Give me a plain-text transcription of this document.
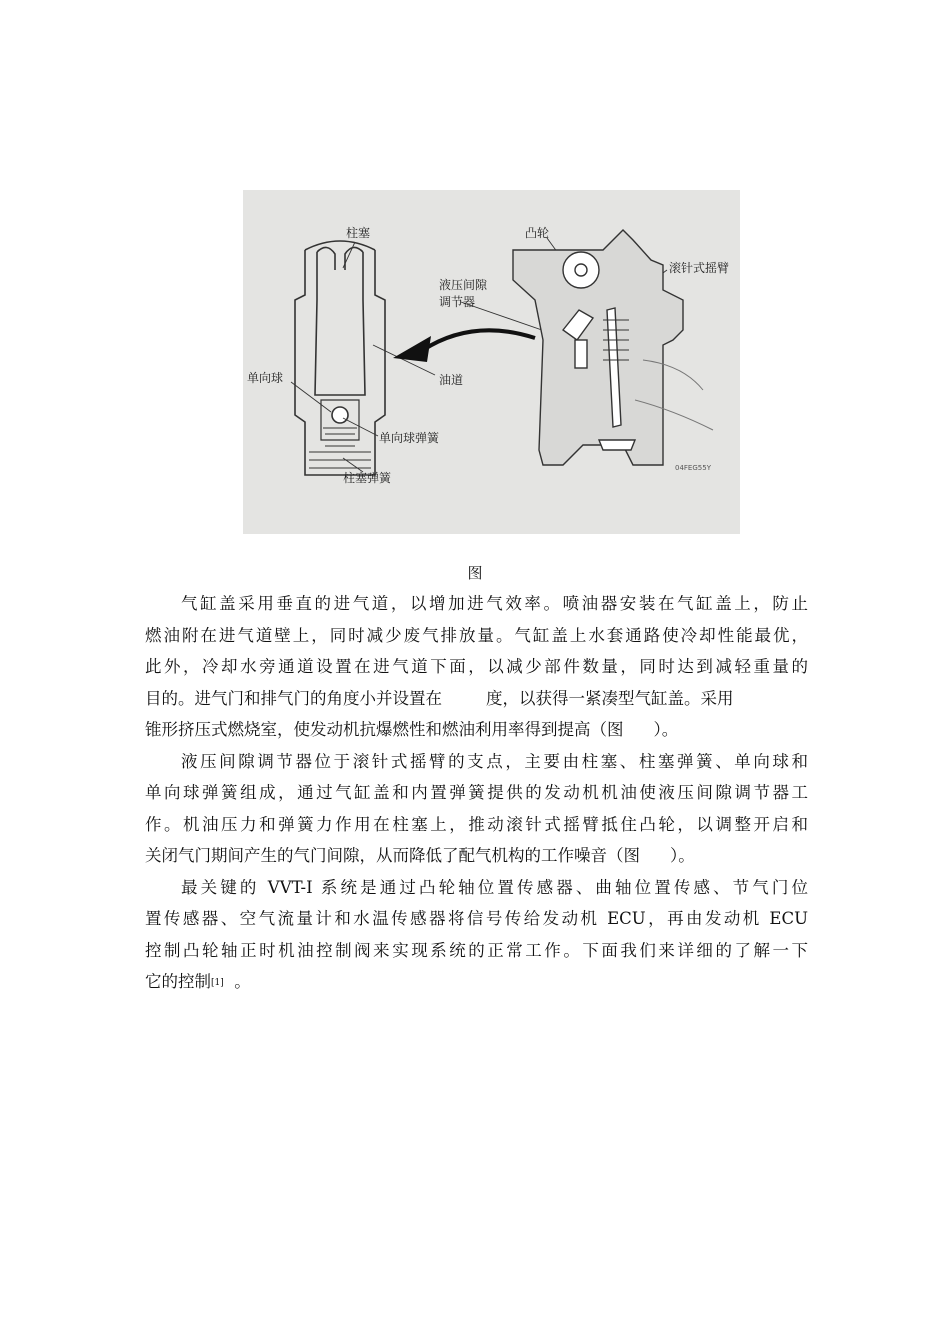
柱塞	凸轮
滚针式摇臂
液压间隙
调节器
单向球	油道
单向球弹簧
柱塞弹簧
04FEG55Y
图

气缸盖采用垂直的进气道，以增加进气效率。喷油器安装在气缸盖上，防止
燃油附在进气道壁上，同时减少废气排放量。气缸盖上水套通路使冷却性能最优，
此外，冷却水旁通道设置在进气道下面，以减少部件数量，同时达到减轻重量的
目的。进气门和排气门的角度小并设置在	度，以获得一紧凑型气缸盖。采用
锥形挤压式燃烧室，使发动机抗爆燃性和燃油利用率得到提高（图 ）。

液压间隙调节器位于滚针式摇臂的支点，主要由柱塞、柱塞弹簧、单向球和
单向球弹簧组成，通过气缸盖和内置弹簧提供的发动机机油使液压间隙调节器工
作。机油压力和弹簧力作用在柱塞上，推动滚针式摇臂抵住凸轮，以调整开启和
关闭气门期间产生的气门间隙，从而降低了配气机构的工作噪音（图 ）。

最关键的 VVT-I 系统是通过凸轮轴位置传感器、曲轴位置传感、节气门位
置传感器、空气流量计和水温传感器将信号传给发动机 ECU，再由发动机 ECU
控制凸轮轴正时机油控制阀来实现系统的正常工作。下面我们来详细的了解一下
它的控制[1] 。
